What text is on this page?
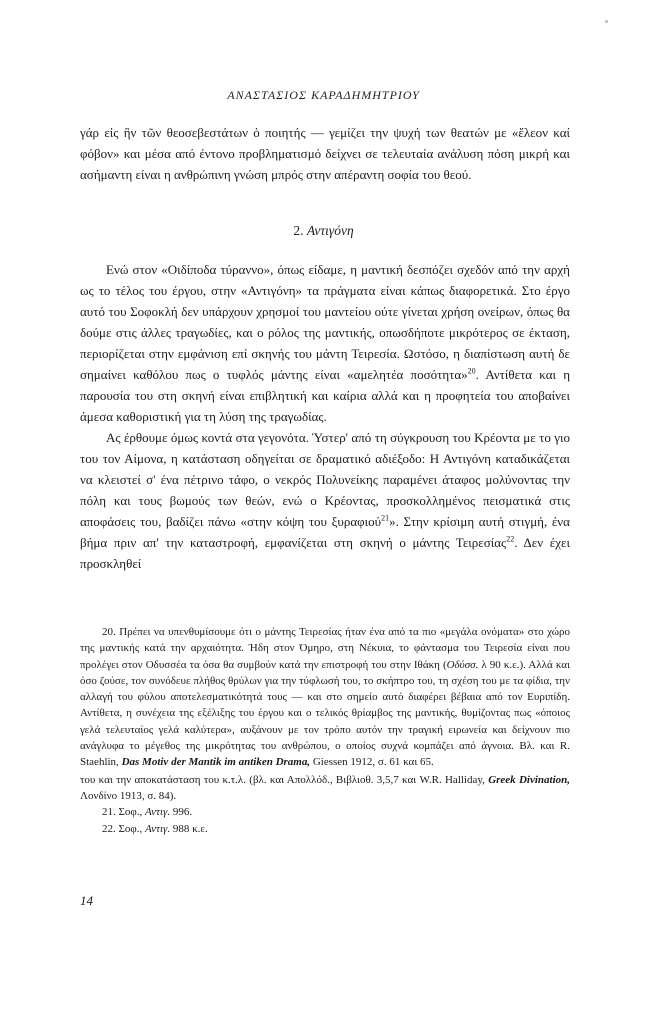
ΑΝΑΣΤΑΣΙΟΣ ΚΑΡΑΔΗΜΗΤΡΙΟΥ

γάρ εἰς ἣν τῶν θεοσεβεστάτων ὁ ποιητής — γεμίζει την ψυχή των θεατών με «ἔλεον καί φόβον» και μέσα από έντονο προβληματισμό δείχνει σε τελευταία ανάλυση πόση μικρή και ασήμαντη είναι η ανθρώπινη γνώση μπρός στην απέραντη σοφία του θεού.

2. Αντιγόνη

Ενώ στον «Οιδίποδα τύραννο», όπως είδαμε, η μαντική δεσπόζει σχεδόν από την αρχή ως το τέλος του έργου, στην «Αντιγόνη» τα πράγματα είναι κάπως διαφορετικά. Στο έργο αυτό του Σοφοκλή δεν υπάρχουν χρησμοί του μαντείου ούτε γίνεται χρήση ονείρων, όπως θα δούμε στις άλλες τραγωδίες, και ο ρόλος της μαντικής, οπωσδήποτε μικρότερος σε έκταση, περιορίζεται στην εμφάνιση επί σκηνής του μάντη Τειρεσία. Ωστόσο, η διαπίστωση αυτή δε σημαίνει καθόλου πως ο τυφλός μάντης είναι «αμελητέα ποσότητα»$^{20}$. Αντίθετα και η παρουσία του στη σκηνή είναι επιβλητική και καίρια αλλά και η προφητεία του αποβαίνει άμεσα καθοριστική για τη λύση της τραγωδίας.

Ας έρθουμε όμως κοντά στα γεγονότα. Ύστερ' από τη σύγκρουση του Κρέοντα με το γιο του τον Αίμονα, η κατάσταση οδηγείται σε δραματικό αδιέξοδο: Η Αντιγόνη καταδικάζεται να κλειστεί σ' ένα πέτρινο τάφο, ο νεκρός Πολυνείκης παραμένει άταφος μολύνοντας την πόλη και τους βωμούς των θεών, ενώ ο Κρέοντας, προσκολλημένος πεισματικά στις αποφάσεις του, βαδίζει πάνω «στην κόψη του ξυραφιού$^{21}$». Στην κρίσιμη αυτή στιγμή, ένα βήμα πριν απ' την καταστροφή, εμφανίζεται στη σκηνή ο μάντης Τειρεσίας$^{22}$. Δεν έχει προσκληθεί

20. Πρέπει να υπενθυμίσουμε ότι ο μάντης Τειρεσίας ήταν ένα από τα πιο «μεγάλα ονόματα» στο χώρο της μαντικής κατά την αρχαιότητα. Ήδη στον Όμηρο, στη Νέκυια, το φάντασμα του Τειρεσία είναι που προλέγει στον Οδυσσέα τα όσα θα συμβούν κατά την επιστροφή του στην Ιθάκη (Οδύσσ. λ 90 κ.ε.). Αλλά και όσο ζούσε, τον συνόδευε πλήθος θρύλων για την τύφλωσή του, το σκήπτρο του, τη σχέση του με τα φίδια, την αλλαγή του φύλου αποτελεσματικότητά τους — και στο σημείο αυτό διαφέρει βέβαια από τον Ευριπίδη. Αντίθετα, η συνέχεια της εξέλιξης του έργου και ο τελικός θρίαμβος της μαντικής, θυμίζοντας πως «όποιος γελά τελευταίος γελά καλύτερα», αυξάνουν με τον τρόπο αυτόν την τραγική ειρωνεία και δείχνουν πιο ανάγλυφα το μέγεθος της μικρότητας του ανθρώπου, ο οποίος συχνά κομπάζει από άγνοια. Βλ. και R. Staehlin, Das Motiv der Mantik im antiken Drama, Giessen 1912, σ. 61 και 65.

του και την αποκατάσταση του κ.τ.λ. (βλ. και Απολλόδ., Βιβλιοθ. 3,5,7 και W.R. Halliday, Greek Divination, Λονδίνο 1913, σ. 84).

21. Σοφ., Αντιγ. 996.

22. Σοφ., Αντιγ. 988 κ.ε.

14
